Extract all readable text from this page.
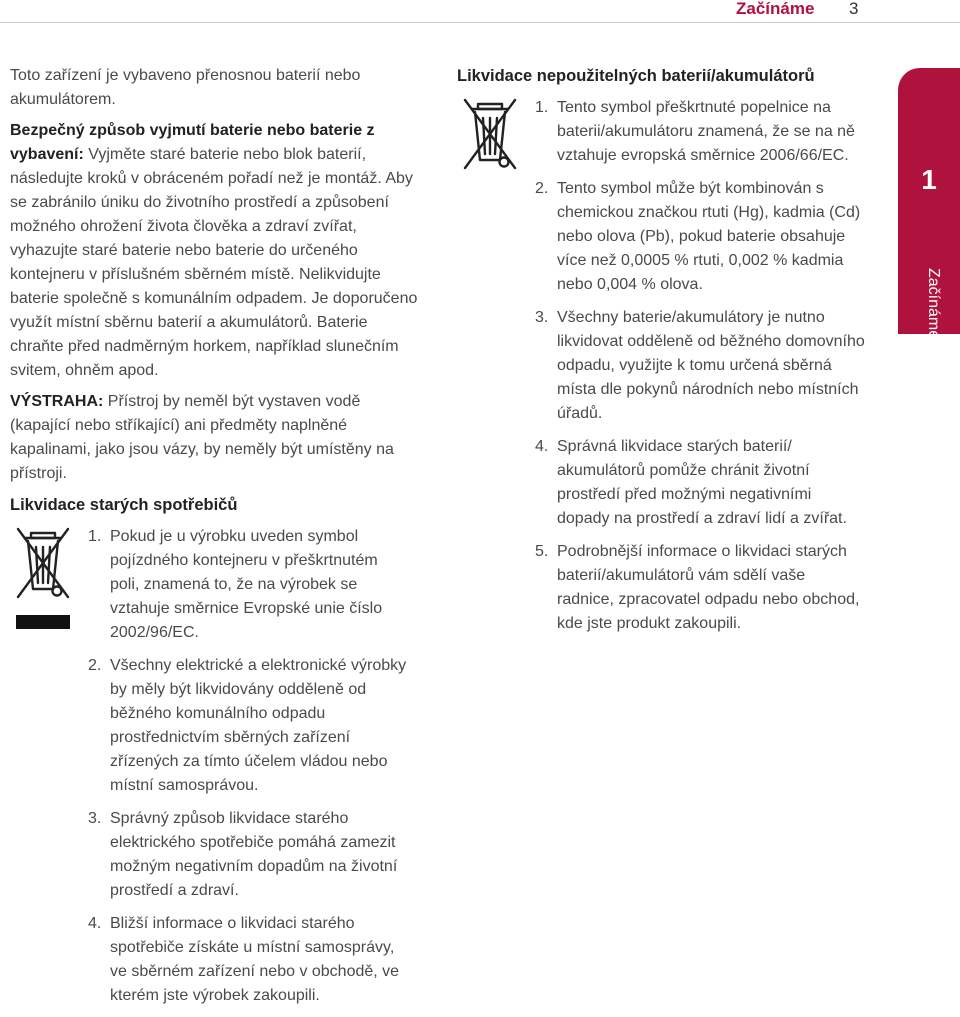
Začínáme 3

Toto zařízení je vybaveno přenosnou baterií nebo akumulátorem.

Bezpečný způsob vyjmutí baterie nebo baterie z vybavení: Vyjměte staré baterie nebo blok baterií, následujte kroků v obráceném pořadí než je montáž. Aby se zabránilo úniku do životního prostředí a způsobení možného ohrožení života člověka a zdraví zvířat, vyhazujte staré baterie nebo baterie do určeného kontejneru v příslušném sběrném místě. Nelikvidujte baterie společně s komunálním odpadem. Je doporučeno využít místní sběrnu baterií a akumulátorů. Baterie chraňte před nadměrným horkem, například slunečním svitem, ohněm apod.

VÝSTRAHA: Přístroj by neměl být vystaven vodě (kapající nebo stříkající) ani předměty naplněné kapalinami, jako jsou vázy, by neměly být umístěny na přístroji.

Likvidace starých spotřebičů
1. Pokud je u výrobku uveden symbol pojízdného kontejneru v přeškrtnutém poli, znamená to, že na výrobek se vztahuje směrnice Evropské unie číslo 2002/96/EC.
2. Všechny elektrické a elektronické výrobky by měly být likvidovány odděleně od běžného komunálního odpadu prostřednictvím sběrných zařízení zřízených za tímto účelem vládou nebo místní samosprávou.
3. Správný způsob likvidace starého elektrického spotřebiče pomáhá zamezit možným negativním dopadům na životní prostředí a zdraví.
4. Bližší informace o likvidaci starého spotřebiče získáte u místní samosprávy, ve sběrném zařízení nebo v obchodě, ve kterém jste výrobek zakoupili.
Likvidace nepoužitelných baterií/akumulátorů
1. Tento symbol přeškrtnuté popelnice na baterii/akumulátoru znamená, že se na ně vztahuje evropská směrnice 2006/66/EC.
2. Tento symbol může být kombinován s chemickou značkou rtuti (Hg), kadmia (Cd) nebo olova (Pb), pokud baterie obsahuje více než 0,0005 % rtuti, 0,002 % kadmia nebo 0,004 % olova.
3. Všechny baterie/akumulátory je nutno likvidovat odděleně od běžného domovního odpadu, využijte k tomu určená sběrná místa dle pokynů národních nebo místních úřadů.
4. Správná likvidace starých baterií/ akumulátorů pomůže chránit životní prostředí před možnými negativními dopady na prostředí a zdraví lidí a zvířat.
5. Podrobnější informace o likvidaci starých baterií/akumulátorů vám sdělí vaše radnice, zpracovatel odpadu nebo obchod, kde jste produkt zakoupili.
1
Začínáme
